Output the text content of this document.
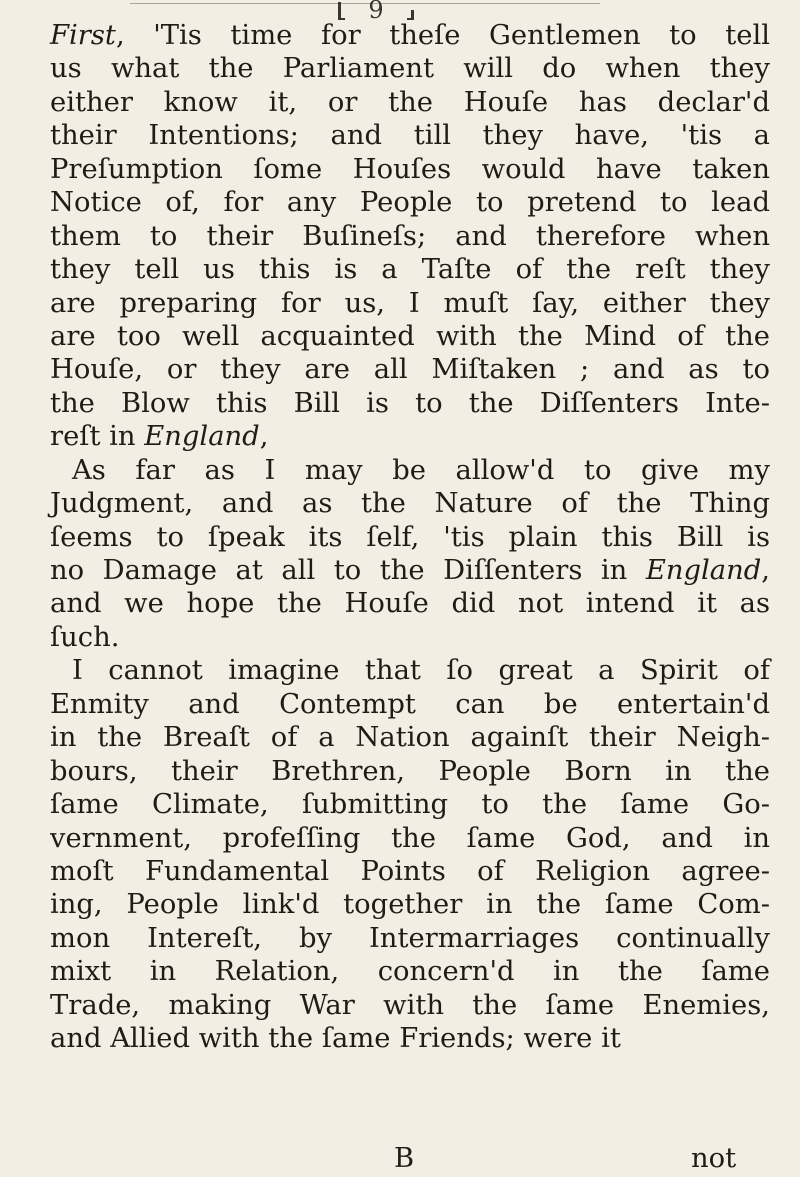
9
First, 'Tis time for theſe Gentlemen to tell
us what the Parliament will do when they
either know it, or the Houſe has declar'd
their Intentions; and till they have, 'tis a
Preſumption ſome Houſes would have taken
Notice of, for any People to pretend to lead
them to their Buſineſs; and therefore when
they tell us this is a Taſte of the reſt they
are preparing for us, I muſt ſay, either they
are too well acquainted with the Mind of the
Houſe, or they are all Miſtaken ; and as to
the Blow this Bill is to the Diſſenters Inte-
reſt in England,
As far as I may be allow'd to give my
Judgment, and as the Nature of the Thing
ſeems to ſpeak its ſelf, 'tis plain this Bill is
no Damage at all to the Diſſenters in England,
and we hope the Houſe did not intend it as
ſuch.
I cannot imagine that ſo great a Spirit of
Enmity and Contempt can be entertain'd
in the Breaſt of a Nation againſt their Neigh-
bours, their Brethren, People Born in the
ſame Climate, ſubmitting to the ſame Go-
vernment, profeſſing the ſame God, and in
moſt Fundamental Points of Religion agree-
ing, People link'd together in the ſame Com-
mon Intereſt, by Intermarriages continually
mixt in Relation, concern'd in the ſame
Trade, making War with the ſame Enemies,
and Allied with the ſame Friends; were it
B	not
